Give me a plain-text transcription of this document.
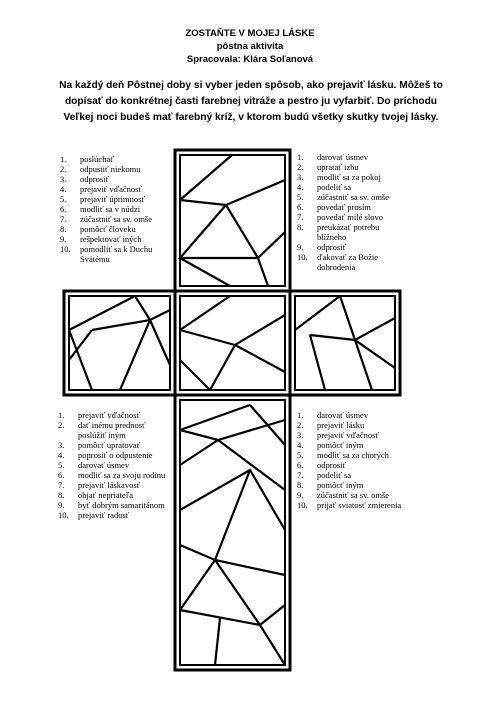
ZOSTAŇTE V MOJEJ LÁSKE
pôstna aktivita
Spracovala: Klára Soľanová
Na každý deň Pôstnej doby si vyber jeden spôsob, ako prejaviť lásku. Môžeš to
dopísať do konkrétnej časti farebnej vitráže a pestro ju vyfarbiť. Do príchodu
Veľkej noci budeš mať farebný kríž, v ktorom budú všetky skutky tvojej lásky.
1. poslúchať
2. odpustiť niekomu
3. odprosiť
4. prejaviť vďačnosť
5. prejaviť úprimnosť
6. modliť sa v núdzi
7. zúčastniť sa sv. omše
8. pomôcť človeku
9. rešpektovať iných
10. pomodliť sa k Duchu Svätému
1. darovať úsmev
2. upratať izbu
3. modliť sa za pokoj
4. podeliť sa
5. zúčastniť sa sv. omše
6. povedať prosím
7. povedať milé slovo
8. preukázať potrebu blížneho
9. odprosiť
10. ďakovať za Božie dobrodenia
1. prejaviť vďačnosť
2. dať inému prednosť poslúžiť iným
3. pomôcť upratovať
4. poprosiť o odpustenie
5. darovať úsmev
6. modliť sa za svoju rodinu
7. prejaviť láskavosť
8. objať nepriateľa
9. byť dobrým samaritánom
10. prejaviť radosť
1. darovať úsmev
2. prejaviť lásku
3. prejaviť vďačnosť
4. pomôcť iným
5. modliť sa za chorých
6. odprosiť
7. podeliť sa
8. pomôcť iným
9. zúčastniť sa sv. omše
10. prijať sviatosť zmierenia
